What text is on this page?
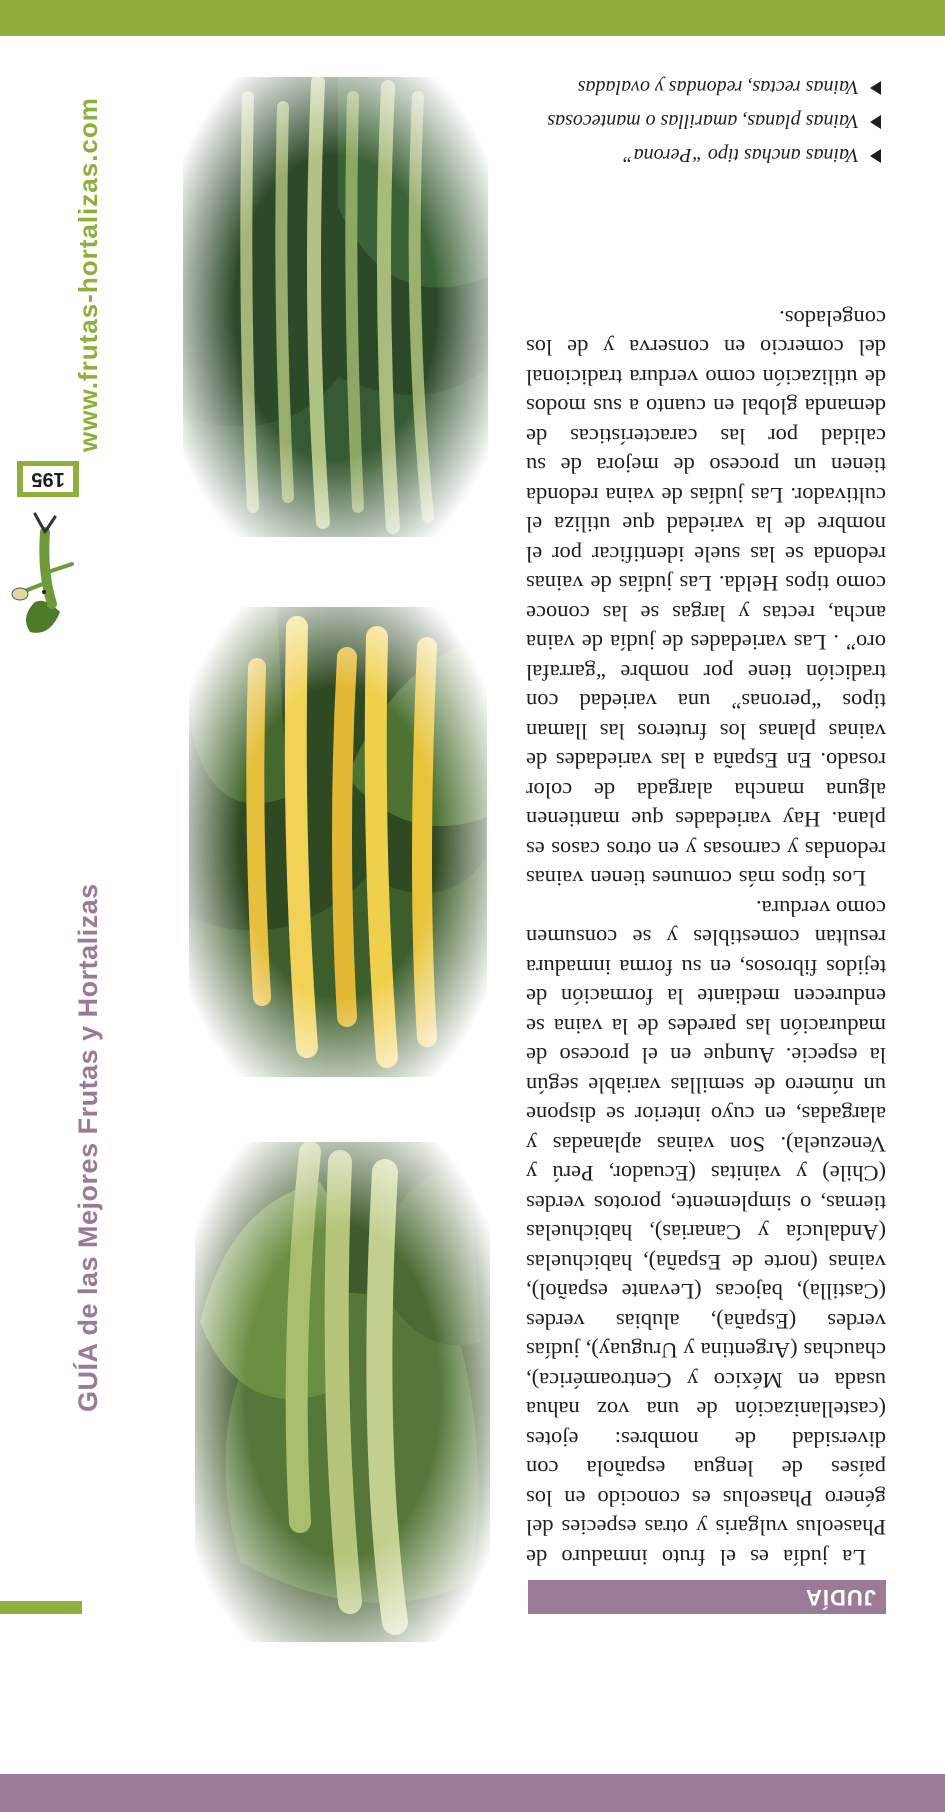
JUDÍA

La judía es el fruto inmaduro de Phaseolus vulgaris y otras especies del género Phaseolus es conocido en los países de lengua española con diversidad de nombres: ejotes (castellanización de una voz nahua usada en México y Centroamérica), chauchas (Argentina y Uruguay), judías verdes (España), alubias verdes (Castilla), bajocas (Levante español), vainas (norte de España), habichuelas (Andalucía y Canarias), habichuelas tiernas, o simplemente, porotos verdes (Chile) y vainitas (Ecuador, Perú y Venezuela). Son vainas aplanadas y alargadas, en cuyo interior se dispone un número de semillas variable según la especie. Aunque en el proceso de maduración las paredes de la vaina se endurecen mediante la formación de tejidos fibrosos, en su forma inmadura resultan comestibles y se consumen como verdura.

Los tipos más comunes tienen vainas redondas y carnosas y en otros casos es plana. Hay variedades que mantienen alguna mancha alargada de color rosado. En España a las variedades de vainas planas los fruteros las llaman tipos “peronas” una variedad con tradición tiene por nombre “garrafal oro” . Las variedades de judía de vaina ancha, rectas y largas se las conoce como tipos Helda. Las judías de vainas redonda se las suele identificar por el nombre de la variedad que utiliza el cultivador. Las judías de vaina redonda tienen un proceso de mejora de su calidad por las características de demanda global en cuanto a sus modos de utilización como verdura tradicional del comercio en conserva y de los congelados.

Vainas anchas tipo “Perona”
Vainas planas, amarillas o mantecosas
Vainas rectas, redondas y ovaladas
GUÍA de las Mejores Frutas y Hortalizas
195
www.frutas-hortalizas.com
